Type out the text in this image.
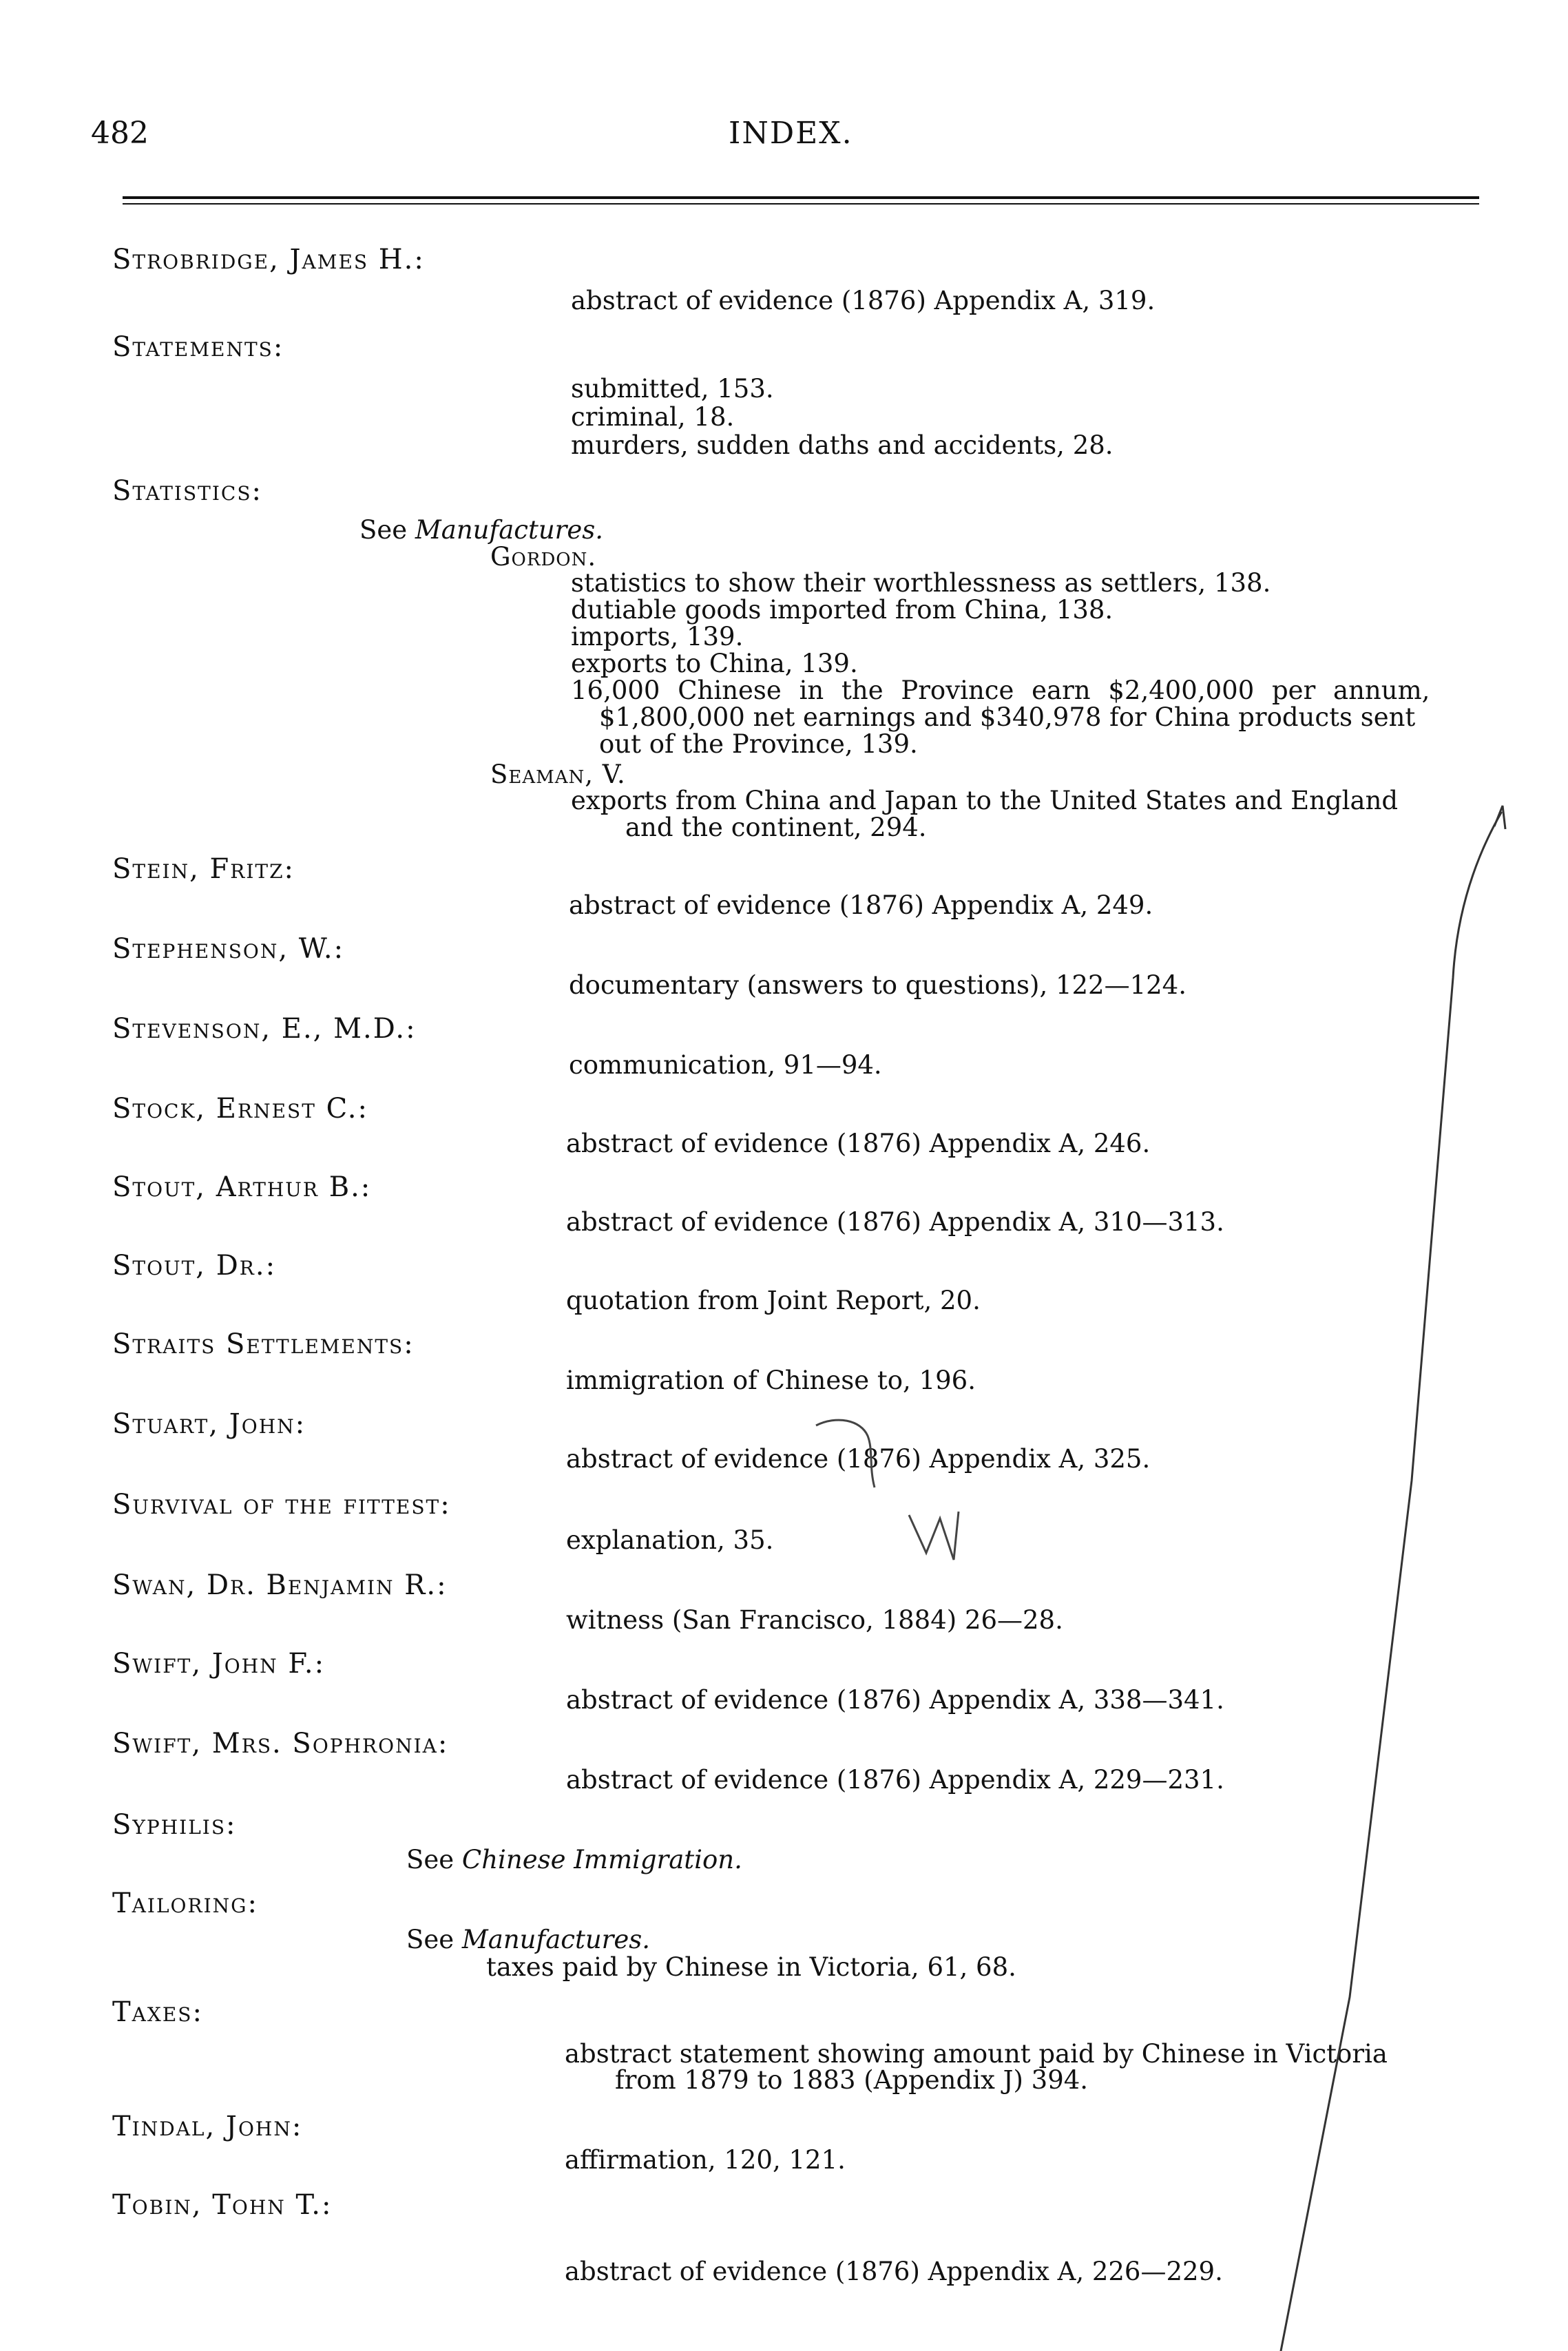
482	INDEX.
Strobridge, James H.:
abstract of evidence (1876) Appendix A, 319.
Statements:
submitted, 153.
criminal, 18.
murders, sudden daths and accidents, 28.
Statistics:
See Manufactures.
Gordon.
statistics to show their worthlessness as settlers, 138.
dutiable goods imported from China, 138.
imports, 139.
exports to China, 139.
16,000 Chinese in the Province earn $2,400,000 per annum,
$1,800,000 net earnings and $340,978 for China products sent
out of the Province, 139.
Seaman, V.
exports from China and Japan to the United States and England
and the continent, 294.
Stein, Fritz:
abstract of evidence (1876) Appendix A, 249.
Stephenson, W.:
documentary (answers to questions), 122—124.
Stevenson, E., M.D.:
communication, 91—94.
Stock, Ernest C.:
abstract of evidence (1876) Appendix A, 246.
Stout, Arthur B.:
abstract of evidence (1876) Appendix A, 310—313.
Stout, Dr.:
quotation from Joint Report, 20.
Straits Settlements:
immigration of Chinese to, 196.
Stuart, John:
abstract of evidence (1876) Appendix A, 325.
Survival of the fittest:
explanation, 35.
Swan, Dr. Benjamin R.:
witness (San Francisco, 1884) 26—28.
Swift, John F.:
abstract of evidence (1876) Appendix A, 338—341.
Swift, Mrs. Sophronia:
abstract of evidence (1876) Appendix A, 229—231.
Syphilis:
See Chinese Immigration.
Tailoring:
See Manufactures.
taxes paid by Chinese in Victoria, 61, 68.
Taxes:
abstract statement showing amount paid by Chinese in Victoria
from 1879 to 1883 (Appendix J) 394.
Tindal, John:
affirmation, 120, 121.
Tobin, Tohn T.:
abstract of evidence (1876) Appendix A, 226—229.
